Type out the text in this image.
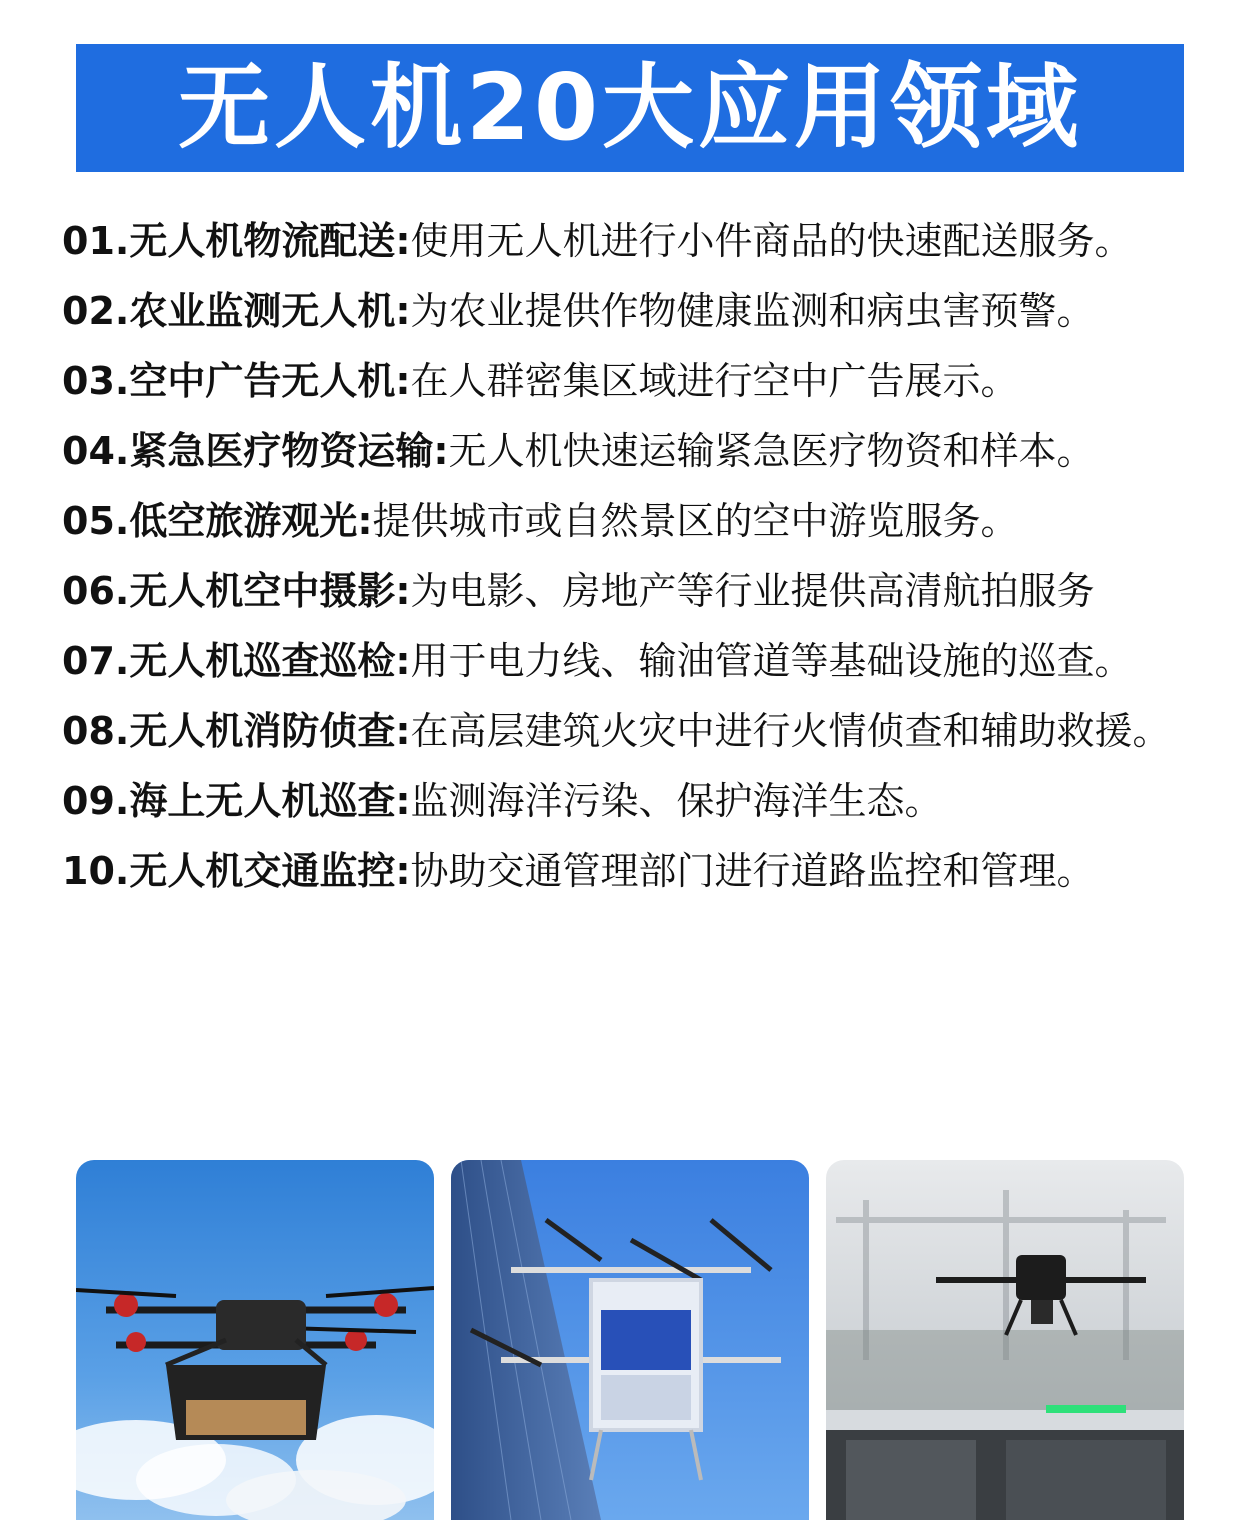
无人机20大应用领域
01.无人机物流配送:使用无人机进行小件商品的快速配送服务。
02.农业监测无人机:为农业提供作物健康监测和病虫害预警。
03.空中广告无人机:在人群密集区域进行空中广告展示。
04.紧急医疗物资运输:无人机快速运输紧急医疗物资和样本。
05.低空旅游观光:提供城市或自然景区的空中游览服务。
06.无人机空中摄影:为电影、房地产等行业提供高清航拍服务
07.无人机巡查巡检:用于电力线、输油管道等基础设施的巡查。
08.无人机消防侦查:在高层建筑火灾中进行火情侦查和辅助救援。
09.海上无人机巡查:监测海洋污染、保护海洋生态。
10.无人机交通监控:协助交通管理部门进行道路监控和管理。
